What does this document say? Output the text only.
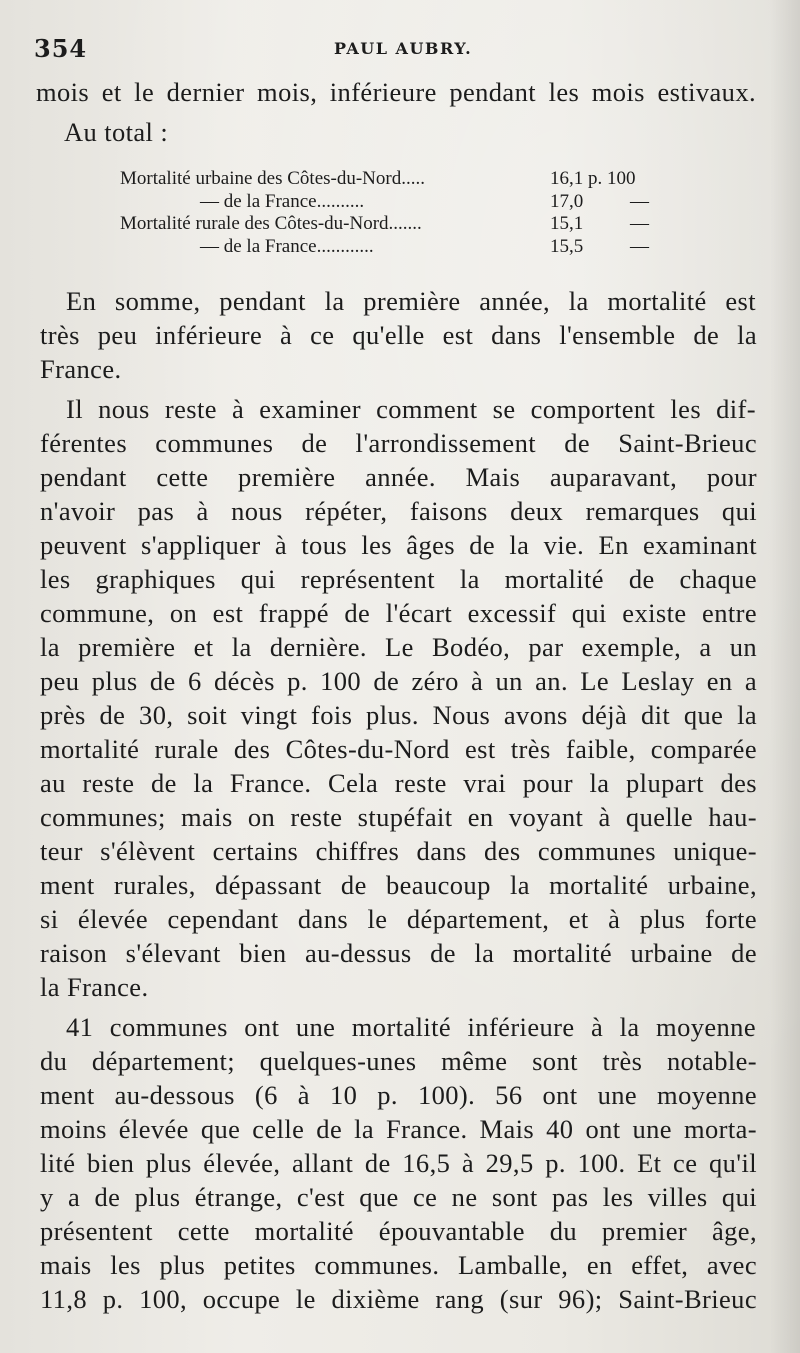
354	PAUL AUBRY.
mois et le dernier mois, inférieure pendant les mois estivaux.
Au total :
Mortalité urbaine des Côtes-du-Nord.....	16,1 p. 100
— de la France..........	17,0 —
Mortalité rurale des Côtes-du-Nord.......	15,1 —
— de la France............	15,5 —
En somme, pendant la première année, la mortalité est
très peu inférieure à ce qu'elle est dans l'ensemble de la
France.
Il nous reste à examiner comment se comportent les dif-
férentes communes de l'arrondissement de Saint-Brieuc
pendant cette première année. Mais auparavant, pour
n'avoir pas à nous répéter, faisons deux remarques qui
peuvent s'appliquer à tous les âges de la vie. En examinant
les graphiques qui représentent la mortalité de chaque
commune, on est frappé de l'écart excessif qui existe entre
la première et la dernière. Le Bodéo, par exemple, a un
peu plus de 6 décès p. 100 de zéro à un an. Le Leslay en a
près de 30, soit vingt fois plus. Nous avons déjà dit que la
mortalité rurale des Côtes-du-Nord est très faible, comparée
au reste de la France. Cela reste vrai pour la plupart des
communes; mais on reste stupéfait en voyant à quelle hau-
teur s'élèvent certains chiffres dans des communes unique-
ment rurales, dépassant de beaucoup la mortalité urbaine,
si élevée cependant dans le département, et à plus forte
raison s'élevant bien au-dessus de la mortalité urbaine de
la France.
41 communes ont une mortalité inférieure à la moyenne
du département; quelques-unes même sont très notable-
ment au-dessous (6 à 10 p. 100). 56 ont une moyenne
moins élevée que celle de la France. Mais 40 ont une morta-
lité bien plus élevée, allant de 16,5 à 29,5 p. 100. Et ce qu'il
y a de plus étrange, c'est que ce ne sont pas les villes qui
présentent cette mortalité épouvantable du premier âge,
mais les plus petites communes. Lamballe, en effet, avec
11,8 p. 100, occupe le dixième rang (sur 96); Saint-Brieuc
